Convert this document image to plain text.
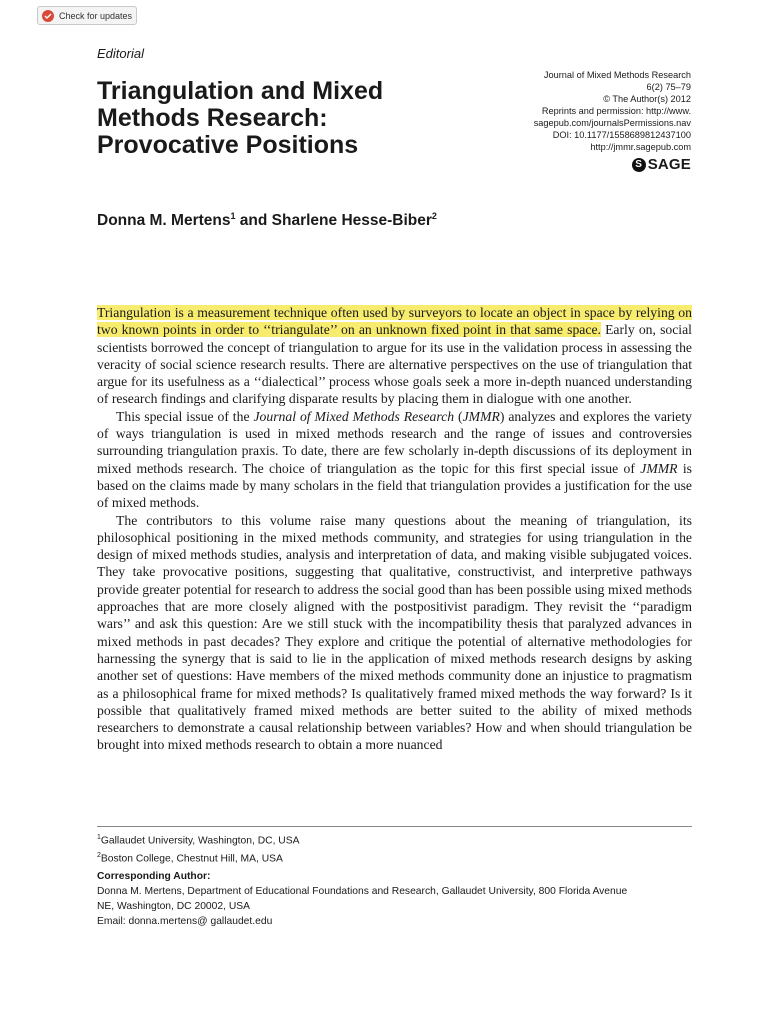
Check for updates
Editorial
Triangulation and Mixed Methods Research: Provocative Positions
Journal of Mixed Methods Research
6(2) 75–79
© The Author(s) 2012
Reprints and permission: http://www.
sagepub.com/journalsPermissions.nav
DOI: 10.1177/1558689812437100
http://jmmr.sagepub.com
S SAGE
Donna M. Mertens$^1$ and Sharlene Hesse-Biber$^2$

Triangulation is a measurement technique often used by surveyors to locate an object in space by relying on two known points in order to ‘‘triangulate’’ on an unknown fixed point in that same space. Early on, social scientists borrowed the concept of triangulation to argue for its use in the validation process in assessing the veracity of social science research results. There are alternative perspectives on the use of triangulation that argue for its usefulness as a ‘‘dialectical’’ process whose goals seek a more in-depth nuanced understanding of research findings and clarifying disparate results by placing them in dialogue with one another.

This special issue of the Journal of Mixed Methods Research (JMMR) analyzes and explores the variety of ways triangulation is used in mixed methods research and the range of issues and controversies surrounding triangulation praxis. To date, there are few scholarly in-depth discussions of its deployment in mixed methods research. The choice of triangulation as the topic for this first special issue of JMMR is based on the claims made by many scholars in the field that triangulation provides a justification for the use of mixed methods.

The contributors to this volume raise many questions about the meaning of triangulation, its philosophical positioning in the mixed methods community, and strategies for using triangulation in the design of mixed methods studies, analysis and interpretation of data, and making visible subjugated voices. They take provocative positions, suggesting that qualitative, constructivist, and interpretive pathways provide greater potential for research to address the social good than has been possible using mixed methods approaches that are more closely aligned with the postpositivist paradigm. They revisit the ‘‘paradigm wars’’ and ask this question: Are we still stuck with the incompatibility thesis that paralyzed advances in mixed methods in past decades? They explore and critique the potential of alternative methodologies for harnessing the synergy that is said to lie in the application of mixed methods research designs by asking another set of questions: Have members of the mixed methods community done an injustice to pragmatism as a philosophical frame for mixed methods? Is qualitatively framed mixed methods the way forward? Is it possible that qualitatively framed mixed methods are better suited to the ability of mixed methods researchers to demonstrate a causal relationship between variables? How and when should triangulation be brought into mixed methods research to obtain a more nuanced

$^1$Gallaudet University, Washington, DC, USA
$^2$Boston College, Chestnut Hill, MA, USA
Corresponding Author:
Donna M. Mertens, Department of Educational Foundations and Research, Gallaudet University, 800 Florida Avenue
NE, Washington, DC 20002, USA
Email: donna.mertens@ gallaudet.edu
